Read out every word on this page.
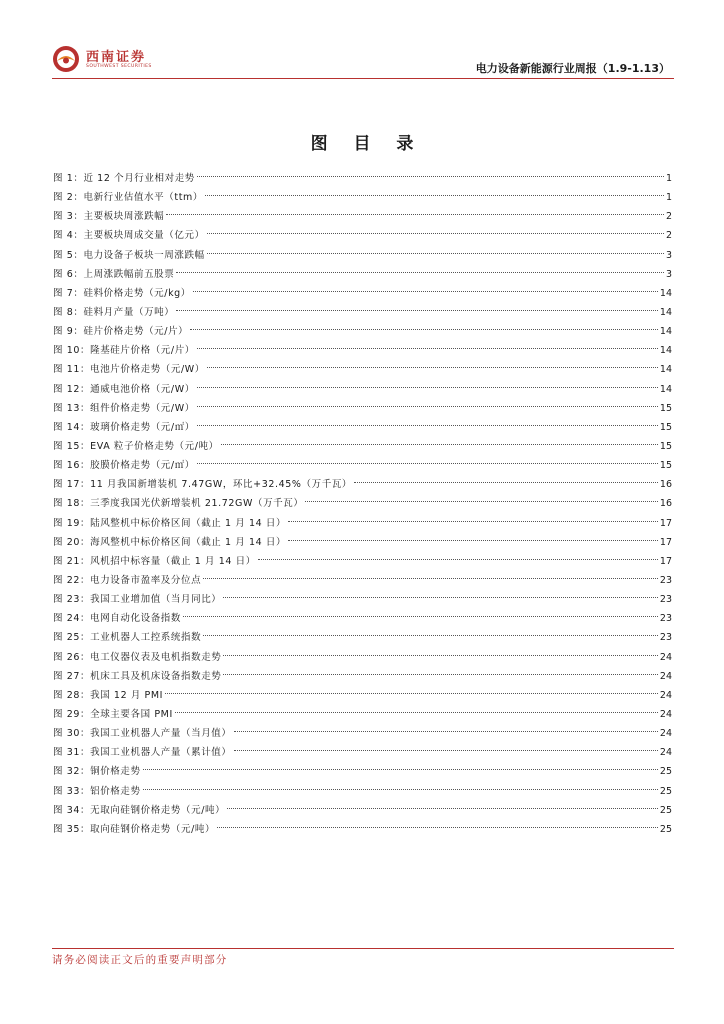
西南证券
SOUTHWEST SECURITIES	电力设备新能源行业周报（1.9-1.13）
图 目 录
图 1：近 12 个月行业相对走势	1
图 2：电新行业估值水平（ttm）	1
图 3：主要板块周涨跌幅	2
图 4：主要板块周成交量（亿元）	2
图 5：电力设备子板块一周涨跌幅	3
图 6：上周涨跌幅前五股票	3
图 7：硅料价格走势（元/kg）	14
图 8：硅料月产量（万吨）	14
图 9：硅片价格走势（元/片）	14
图 10：隆基硅片价格（元/片）	14
图 11：电池片价格走势（元/W）	14
图 12：通威电池价格（元/W）	14
图 13：组件价格走势（元/W）	15
图 14：玻璃价格走势（元/㎡）	15
图 15：EVA 粒子价格走势（元/吨）	15
图 16：胶膜价格走势（元/㎡）	15
图 17：11 月我国新增装机 7.47GW，环比+32.45%（万千瓦）	16
图 18：三季度我国光伏新增装机 21.72GW（万千瓦）	16
图 19：陆风整机中标价格区间（截止 1 月 14 日）	17
图 20：海风整机中标价格区间（截止 1 月 14 日）	17
图 21：风机招中标容量（截止 1 月 14 日）	17
图 22：电力设备市盈率及分位点	23
图 23：我国工业增加值（当月同比）	23
图 24：电网自动化设备指数	23
图 25：工业机器人工控系统指数	23
图 26：电工仪器仪表及电机指数走势	24
图 27：机床工具及机床设备指数走势	24
图 28：我国 12 月 PMI	24
图 29：全球主要各国 PMI	24
图 30：我国工业机器人产量（当月值）	24
图 31：我国工业机器人产量（累计值）	24
图 32：铜价格走势	25
图 33：铝价格走势	25
图 34：无取向硅钢价格走势（元/吨）	25
图 35：取向硅钢价格走势（元/吨）	25
请务必阅读正文后的重要声明部分
